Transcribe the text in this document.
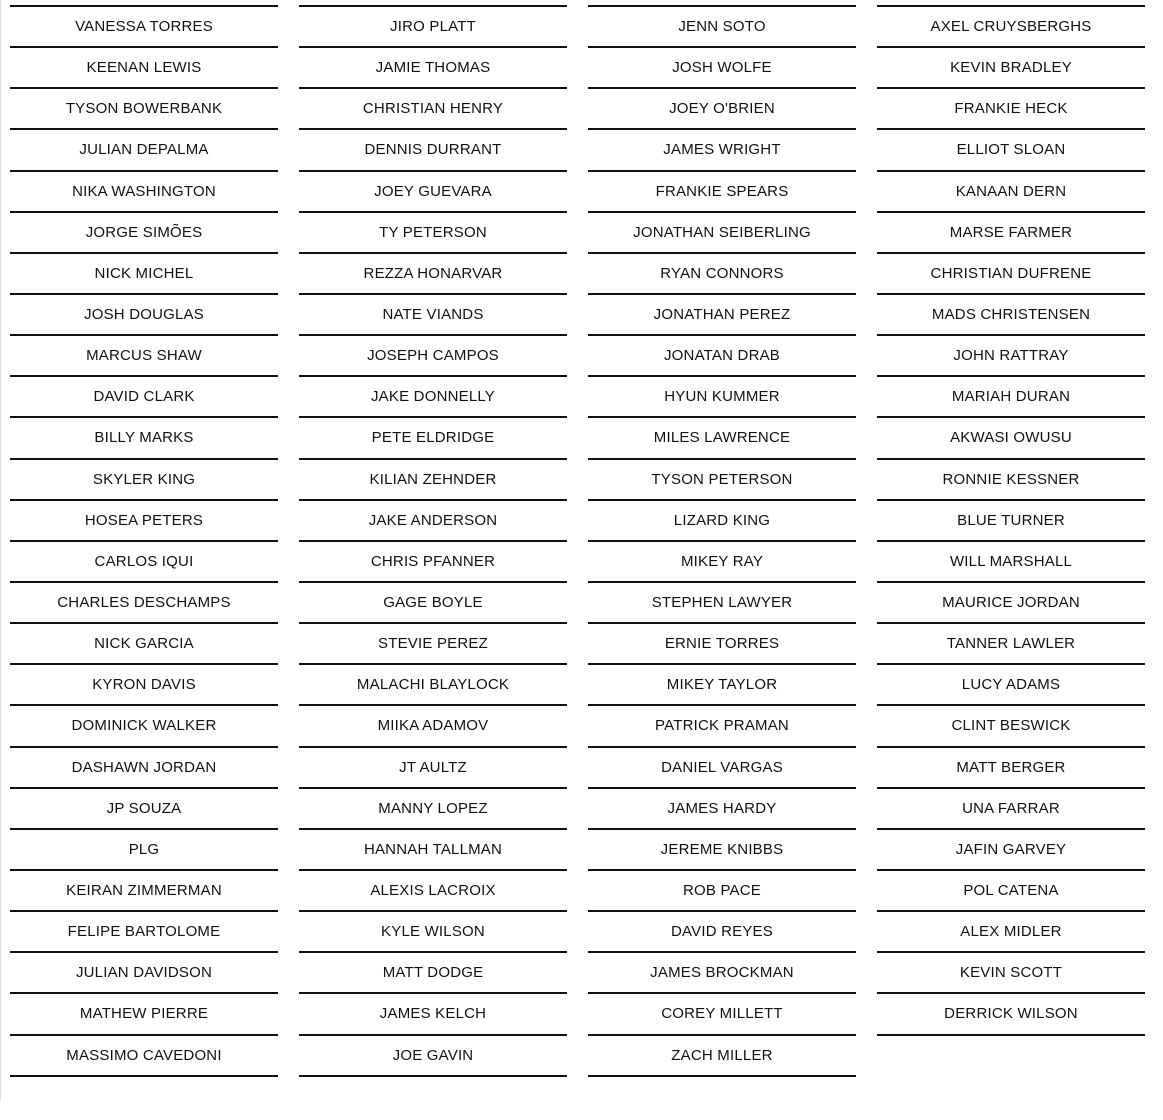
VANESSA TORRES
KEENAN LEWIS
TYSON BOWERBANK
JULIAN DEPALMA
NIKA WASHINGTON
JORGE SIMÕES
NICK MICHEL
JOSH DOUGLAS
MARCUS SHAW
DAVID CLARK
BILLY MARKS
SKYLER KING
HOSEA PETERS
CARLOS IQUI
CHARLES DESCHAMPS
NICK GARCIA
KYRON DAVIS
DOMINICK WALKER
DASHAWN JORDAN
JP SOUZA
PLG
KEIRAN ZIMMERMAN
FELIPE BARTOLOME
JULIAN DAVIDSON
MATHEW PIERRE
MASSIMO CAVEDONI
JIRO PLATT
JAMIE THOMAS
CHRISTIAN HENRY
DENNIS DURRANT
JOEY GUEVARA
TY PETERSON
REZZA HONARVAR
NATE VIANDS
JOSEPH CAMPOS
JAKE DONNELLY
PETE ELDRIDGE
KILIAN ZEHNDER
JAKE ANDERSON
CHRIS PFANNER
GAGE BOYLE
STEVIE PEREZ
MALACHI BLAYLOCK
MIIKA ADAMOV
JT AULTZ
MANNY LOPEZ
HANNAH TALLMAN
ALEXIS LACROIX
KYLE WILSON
MATT DODGE
JAMES KELCH
JOE GAVIN
JENN SOTO
JOSH WOLFE
JOEY O'BRIEN
JAMES WRIGHT
FRANKIE SPEARS
JONATHAN SEIBERLING
RYAN CONNORS
JONATHAN PEREZ
JONATAN DRAB
HYUN KUMMER
MILES LAWRENCE
TYSON PETERSON
LIZARD KING
MIKEY RAY
STEPHEN LAWYER
ERNIE TORRES
MIKEY TAYLOR
PATRICK PRAMAN
DANIEL VARGAS
JAMES HARDY
JEREME KNIBBS
ROB PACE
DAVID REYES
JAMES BROCKMAN
COREY MILLETT
ZACH MILLER
AXEL CRUYSBERGHS
KEVIN BRADLEY
FRANKIE HECK
ELLIOT SLOAN
KANAAN DERN
MARSE FARMER
CHRISTIAN DUFRENE
MADS CHRISTENSEN
JOHN RATTRAY
MARIAH DURAN
AKWASI OWUSU
RONNIE KESSNER
BLUE TURNER
WILL MARSHALL
MAURICE JORDAN
TANNER LAWLER
LUCY ADAMS
CLINT BESWICK
MATT BERGER
UNA FARRAR
JAFIN GARVEY
POL CATENA
ALEX MIDLER
KEVIN SCOTT
DERRICK WILSON
